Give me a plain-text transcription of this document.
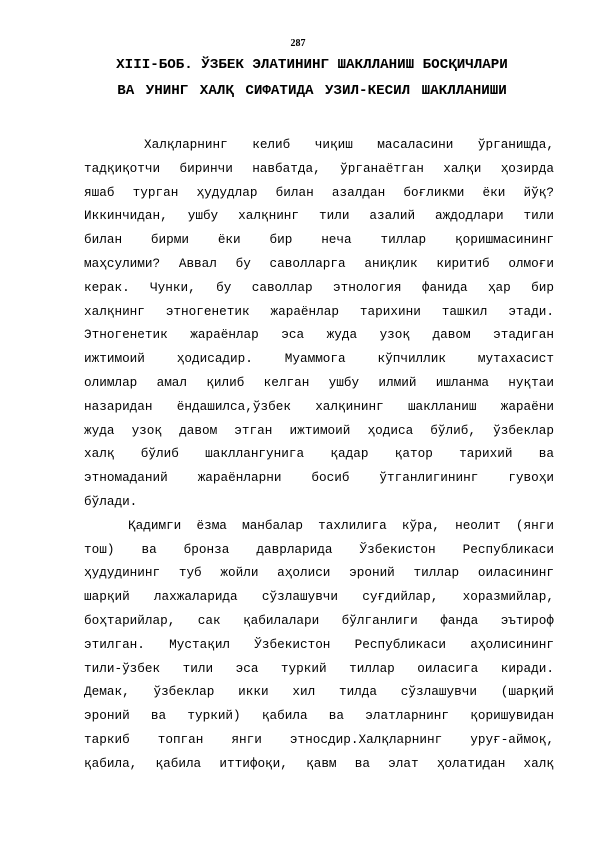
287
XIII-БОБ. ЎЗБЕК ЭЛАТИНИНГ ШАКЛЛАНИШ БОСҚИЧЛАРИ
ВА УНИНГ ХАЛҚ СИФАТИДА УЗИЛ-КЕСИЛ ШАКЛЛАНИШИ
Халқларнинг келиб чиқиш масаласини ўрганишда,
тадқиқотчи биринчи навбатда, ўрганаётган халқи ҳозирда
яшаб турган ҳудудлар билан азалдан боғликми ёки йўқ?
Иккинчидан, ушбу халқнинг тили азалий аждодлари тили
билан бирми ёки бир неча тиллар қоришмасининг
маҳсулими? Аввал бу саволларга аниқлик киритиб олмоғи
керак. Чунки, бу саволлар этнология фанида ҳар бир
халқнинг этногенетик жараёнлар тарихини ташкил этади.
Этногенетик жараёнлар эса жуда узоқ давом этадиган
ижтимоий ҳодисадир. Муаммога кўпчиллик мутахасист
олимлар амал қилиб келган ушбу илмий ишланма нуқтаи
назаридан ёндашилса,ўзбек халқининг шаклланиш жараёни
жуда узоқ давом этган ижтимоий ҳодиса бўлиб, ўзбеклар
халқ бўлиб шакллангунига қадар қатор тарихий ва
этномаданий жараёнларни босиб ўтганлигининг гувоҳи
бўлади.
Қадимги ёзма манбалар тахлилига кўра, неолит (янги
тош) ва бронза даврларида Ўзбекистон Республикаси
ҳудудининг туб жойли аҳолиси эроний тиллар оиласининг
шарқий лахжаларида сўзлашувчи суғдийлар, хоразмийлар,
боҳтарийлар, сак қабилалари бўлганлиги фанда эътироф
этилган. Мустақил Ўзбекистон Республикаси аҳолисининг
тили-ўзбек тили эса туркий тиллар оиласига киради.
Демак, ўзбеклар икки хил тилда сўзлашувчи (шарқий
эроний ва туркий) қабила ва элатларнинг қоришувидан
таркиб топган янги этносдир.Халқларнинг уруғ-аймоқ,
қабила, қабила иттифоқи, қавм ва элат ҳолатидан халқ
